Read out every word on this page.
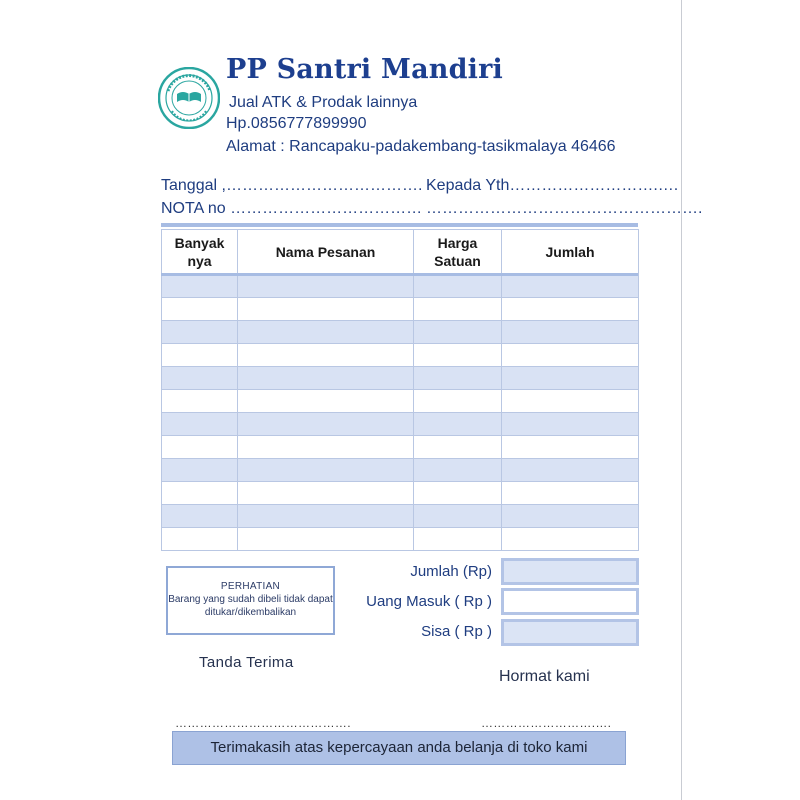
PP Santri Mandiri
Jual ATK & Prodak lainnya
Hp.0856777899990
Alamat : Rancapaku-padakembang-tasikmalaya 46466
Tanggal ,……………………………….
NOTA no ………………………………
Kepada Yth……………………….….
…………………………………………….
Banyak nya	Nama Pesanan	Harga Satuan	Jumlah

PERHATIAN
Barang yang sudah dibeli tidak dapat ditukar/dikembalikan
Jumlah (Rp)
Uang Masuk ( Rp )
Sisa ( Rp )
Tanda Terima
Hormat kami
…………………………………….	……………………….….
Terimakasih atas kepercayaan anda belanja di toko kami
